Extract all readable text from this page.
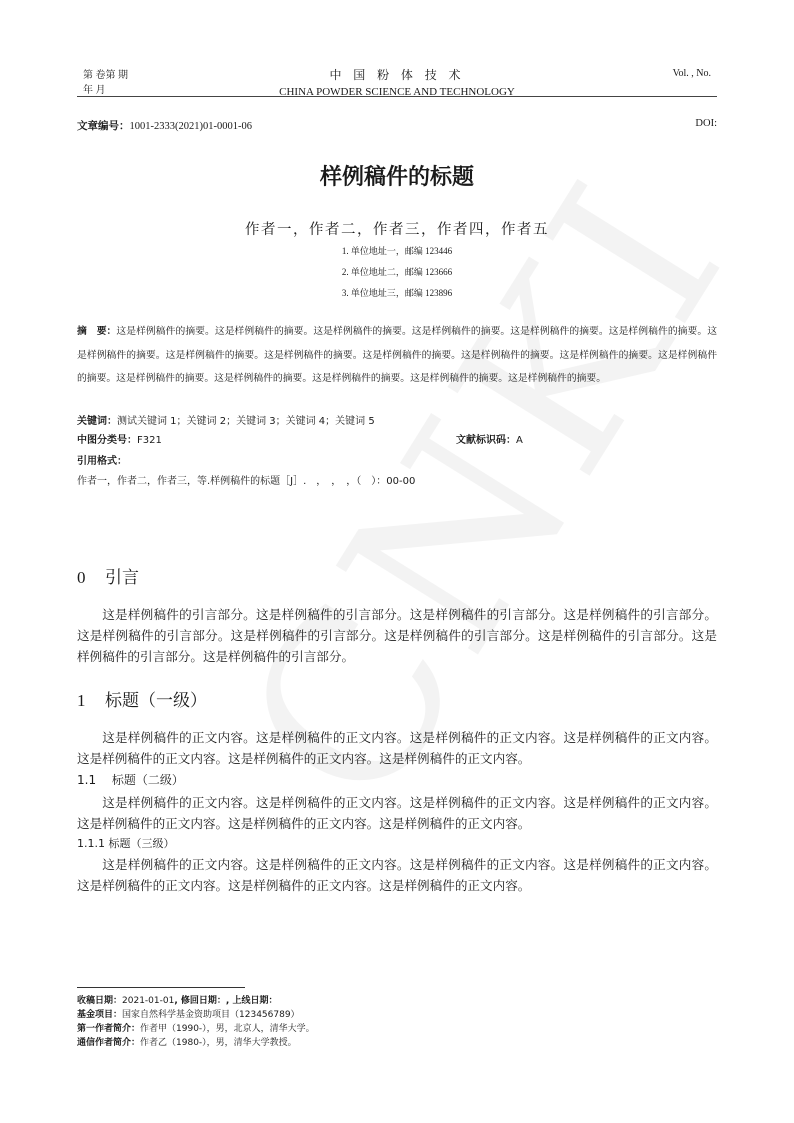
第 卷第 期
年 月
中 国 粉 体 技 术
CHINA POWDER SCIENCE AND TECHNOLOGY
Vol. , No.
文章编号：1001-2333(2021)01-0001-06	DOI:
样例稿件的标题
作者一，作者二，作者三，作者四，作者五
1. 单位地址一，邮编 123446
2. 单位地址二，邮编 123666
3. 单位地址三，邮编 123896
摘　要：这是样例稿件的摘要。这是样例稿件的摘要。这是样例稿件的摘要。这是样例稿件的摘要。这是样例稿件的摘要。这是样例稿件的摘要。这是样例稿件的摘要。这是样例稿件的摘要。这是样例稿件的摘要。这是样例稿件的摘要。这是样例稿件的摘要。这是样例稿件的摘要。这是样例稿件的摘要。这是样例稿件的摘要。这是样例稿件的摘要。这是样例稿件的摘要。这是样例稿件的摘要。这是样例稿件的摘要。
关键词：测试关键词 1；关键词 2；关键词 3；关键词 4；关键词 5
中图分类号：F321	文献标识码：A
引用格式：
作者一，作者二，作者三，等.样例稿件的标题［J］.　，　，　，（　）：00-00
0 引言
这是样例稿件的引言部分。这是样例稿件的引言部分。这是样例稿件的引言部分。这是样例稿件的引言部分。这是样例稿件的引言部分。这是样例稿件的引言部分。这是样例稿件的引言部分。这是样例稿件的引言部分。这是样例稿件的引言部分。这是样例稿件的引言部分。
1 标题（一级）
这是样例稿件的正文内容。这是样例稿件的正文内容。这是样例稿件的正文内容。这是样例稿件的正文内容。这是样例稿件的正文内容。这是样例稿件的正文内容。这是样例稿件的正文内容。
1.1　 标题（二级）
这是样例稿件的正文内容。这是样例稿件的正文内容。这是样例稿件的正文内容。这是样例稿件的正文内容。这是样例稿件的正文内容。这是样例稿件的正文内容。这是样例稿件的正文内容。
1.1.1 标题（三级）
这是样例稿件的正文内容。这是样例稿件的正文内容。这是样例稿件的正文内容。这是样例稿件的正文内容。这是样例稿件的正文内容。这是样例稿件的正文内容。这是样例稿件的正文内容。
收稿日期：2021-01-01, 修回日期：, 上线日期：
基金项目：国家自然科学基金资助项目（123456789）
第一作者简介：作者甲（1990-），男，北京人，清华大学。
通信作者简介：作者乙（1980-），男，清华大学教授。
